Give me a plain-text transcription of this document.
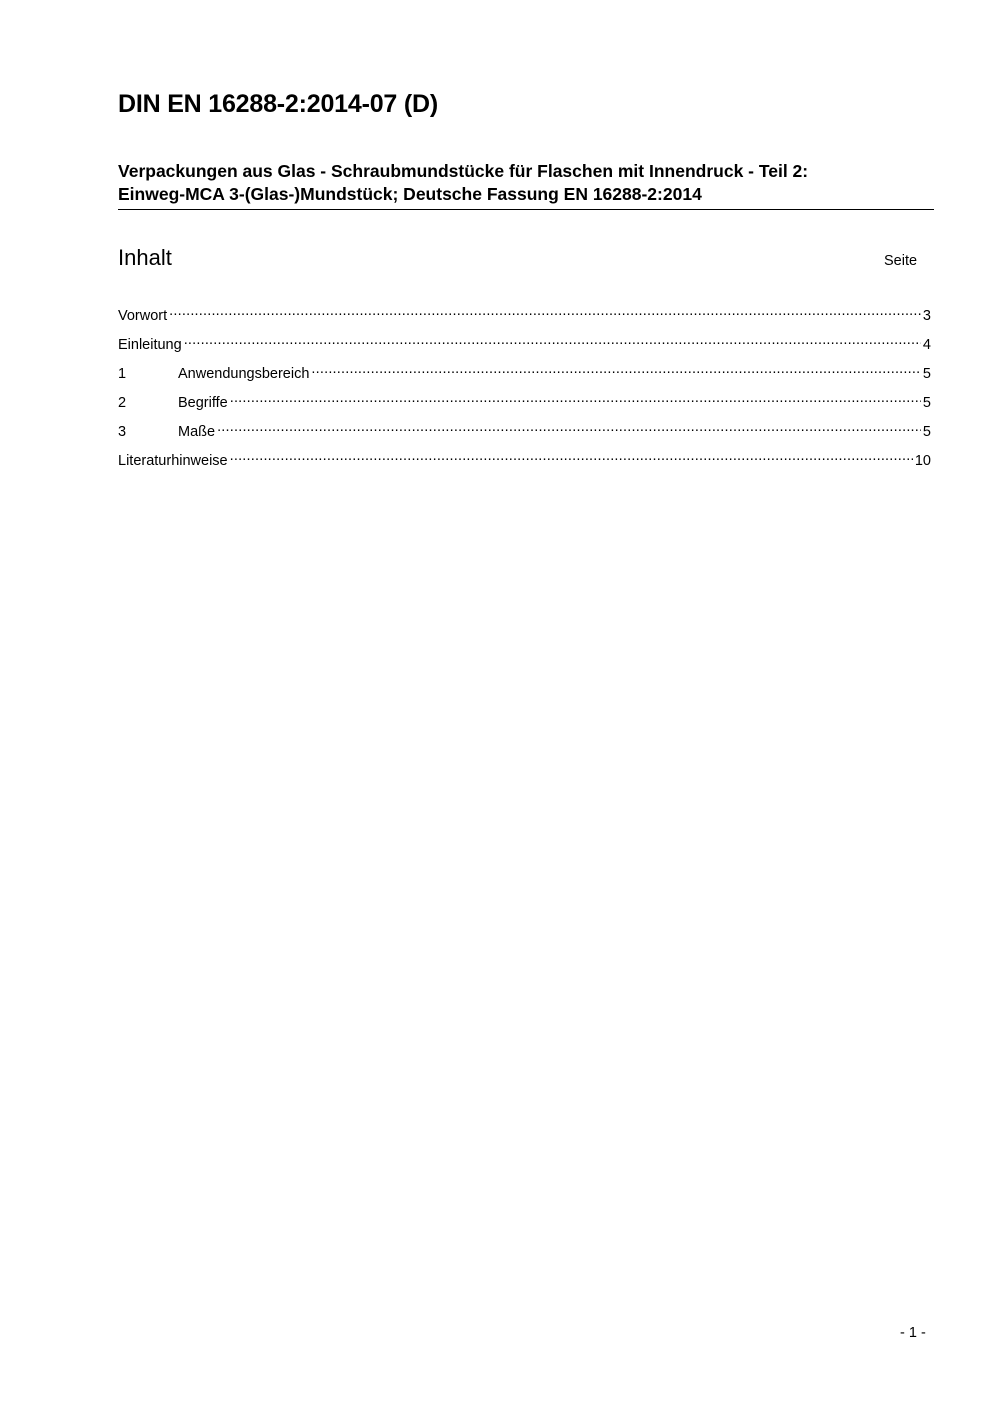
DIN EN 16288-2:2014-07 (D)
Verpackungen aus Glas - Schraubmundstücke für Flaschen mit Innendruck - Teil 2:
Einweg-MCA 3-(Glas-)Mundstück; Deutsche Fassung EN 16288-2:2014
Inhalt	Seite
Vorwort .....	3
Einleitung .....	4
1	Anwendungsbereich .....	5
2	Begriffe .....	5
3	Maße .....	5
Literaturhinweise .....	10
- 1 -
